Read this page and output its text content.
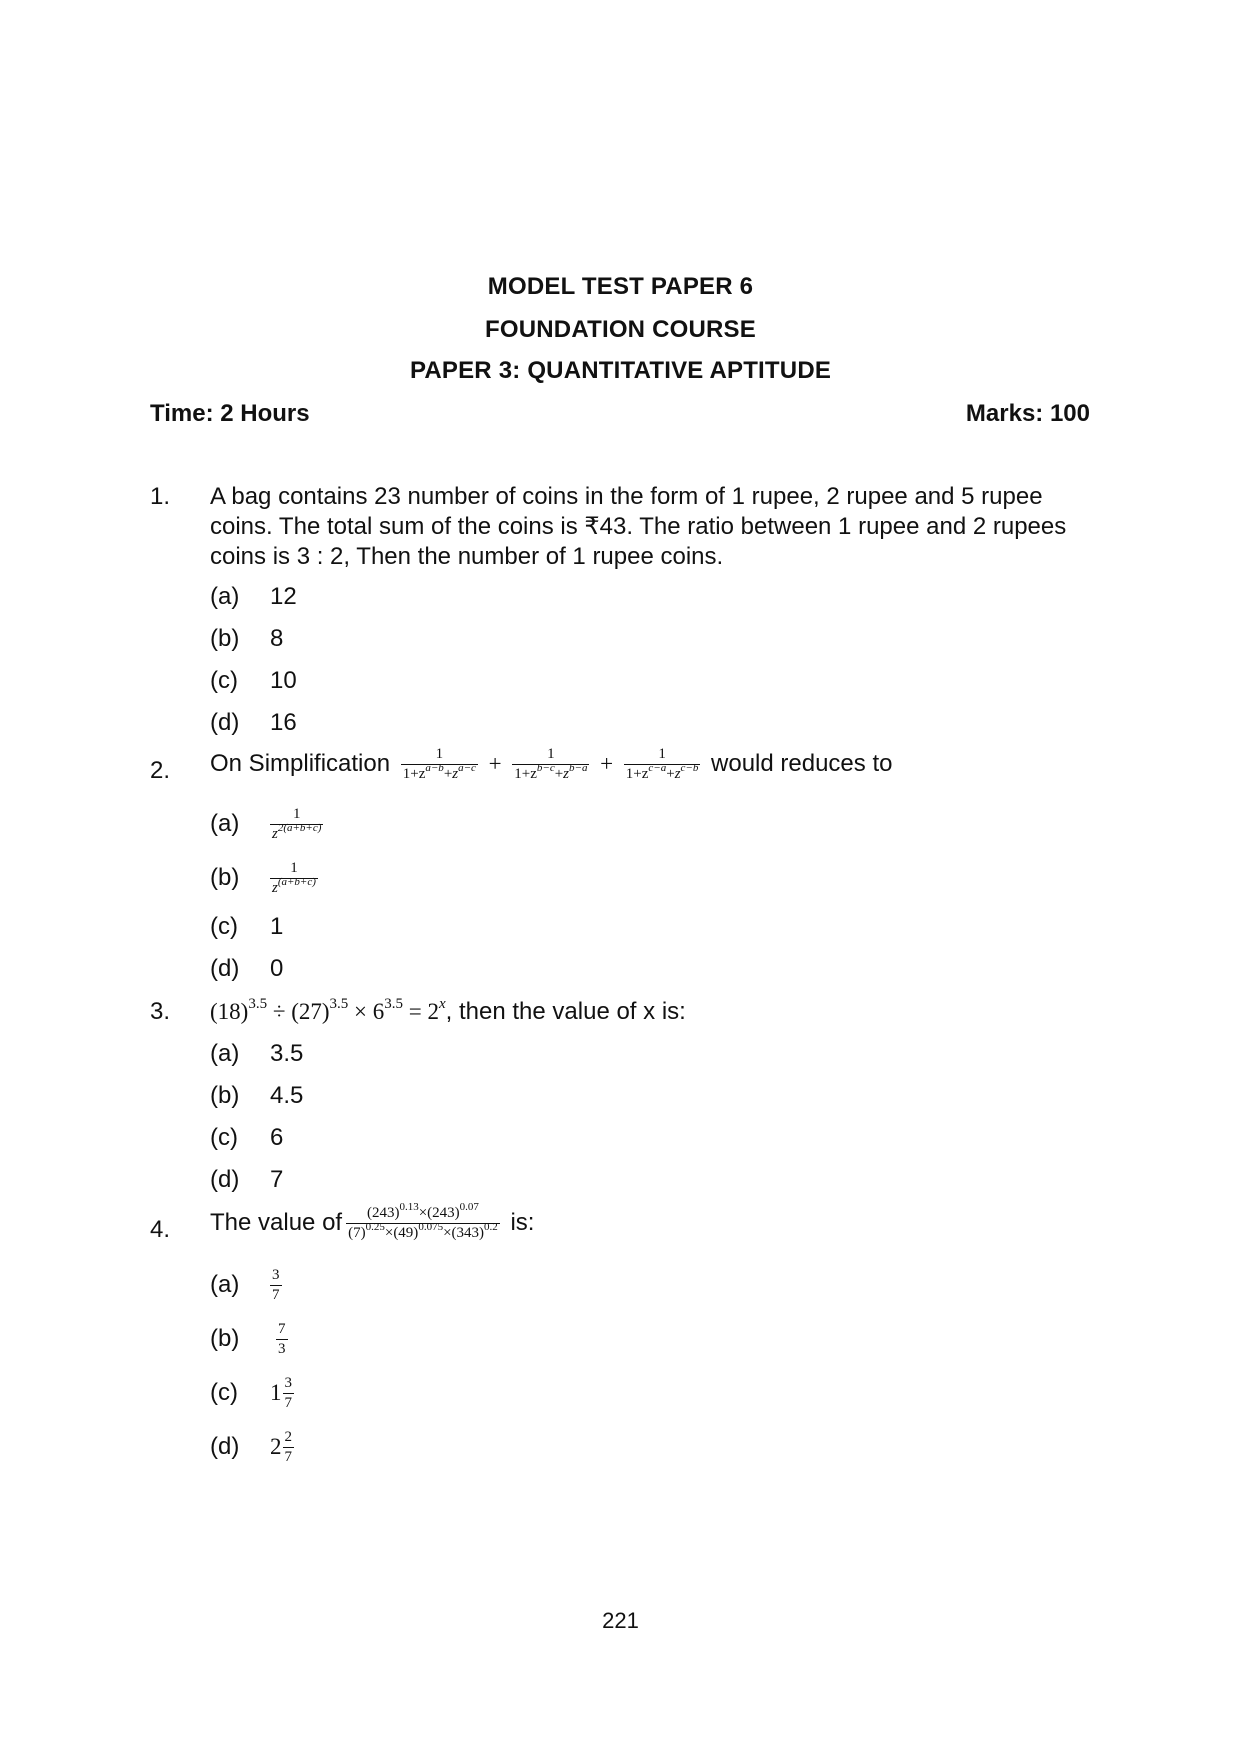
MODEL TEST PAPER 6
FOUNDATION COURSE
PAPER 3: QUANTITATIVE APTITUDE
Time: 2 Hours	Marks: 100
1. A bag contains 23 number of coins in the form of 1 rupee, 2 rupee and 5 rupee coins. The total sum of the coins is ₹43. The ratio between 1 rupee and 2 rupees coins is 3 : 2, Then the number of 1 rupee coins.
(a) 12
(b) 8
(c) 10
(d) 16
2. On Simplification $\frac{1}{1+z^{a-b}+z^{a-c}} + \frac{1}{1+z^{b-c}+z^{b-a}} + \frac{1}{1+z^{c-a}+z^{c-b}}$ would reduces to
$(a) \frac{1}{z^{2(a+b+c)}}$
$(b) \frac{1}{z^{(a+b+c)}}$
(c) 1
(d) 0
3. $(18)^{3.5} \div (27)^{3.5} \times 6^{3.5} = 2^x$, then the value of x is:
(a) 3.5
(b) 4.5
(c) 6
(d) 7
4. The value of $\frac{(243)^{0.13}\times(243)^{0.07}}{(7)^{0.25}\times(49)^{0.075}\times(343)^{0.2}}$ is:
$(a) \frac{3}{7}$
$(b) \frac{7}{3}$
(c) $1 \frac{3}{7}$
(d) $2 \frac{2}{7}$
221
